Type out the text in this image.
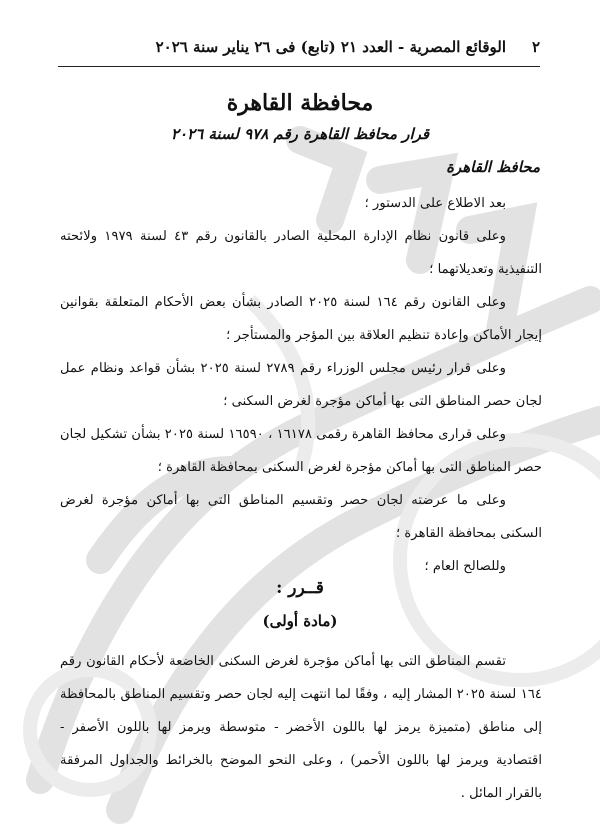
٢
الوقائع المصرية - العدد ٢١ (تابع) فى ٢٦ يناير سنة ٢٠٢٦
محافظة القاهرة
قرار محافظ القاهرة رقم ٩٧٨ لسنة ٢٠٢٦
محافظ القاهرة
بعد الاطلاع على الدستور ؛
وعلى قانون نظام الإدارة المحلية الصادر بالقانون رقم ٤٣ لسنة ١٩٧٩ ولائحته التنفيذية وتعديلاتهما ؛
وعلى القانون رقم ١٦٤ لسنة ٢٠٢٥ الصادر بشأن بعض الأحكام المتعلقة بقوانين إيجار الأماكن وإعادة تنظيم العلاقة بين المؤجر والمستأجر ؛
وعلى قرار رئيس مجلس الوزراء رقم ٢٧٨٩ لسنة ٢٠٢٥ بشأن قواعد ونظام عمل لجان حصر المناطق التى بها أماكن مؤجرة لغرض السكنى ؛
وعلى قرارى محافظ القاهرة رقمى ١٦١٧٨ ، ١٦٥٩٠ لسنة ٢٠٢٥ بشأن تشكيل لجان حصر المناطق التى بها أماكن مؤجرة لغرض السكنى بمحافظة القاهرة ؛
وعلى ما عرضته لجان حصر وتقسيم المناطق التى بها أماكن مؤجرة لغرض السكنى بمحافظة القاهرة ؛
وللصالح العام ؛
قــرر :
(مادة أولى)
تقسم المناطق التى بها أماكن مؤجرة لغرض السكنى الخاضعة لأحكام القانون رقم ١٦٤ لسنة ٢٠٢٥ المشار إليه ، وفقًا لما انتهت إليه لجان حصر وتقسيم المناطق بالمحافظة إلى مناطق (متميزة يرمز لها باللون الأخضر - متوسطة ويرمز لها باللون الأصفر - اقتصادية ويرمز لها باللون الأحمر) ، وعلى النحو الموضح بالخرائط والجداول المرفقة بالقرار المائل .
